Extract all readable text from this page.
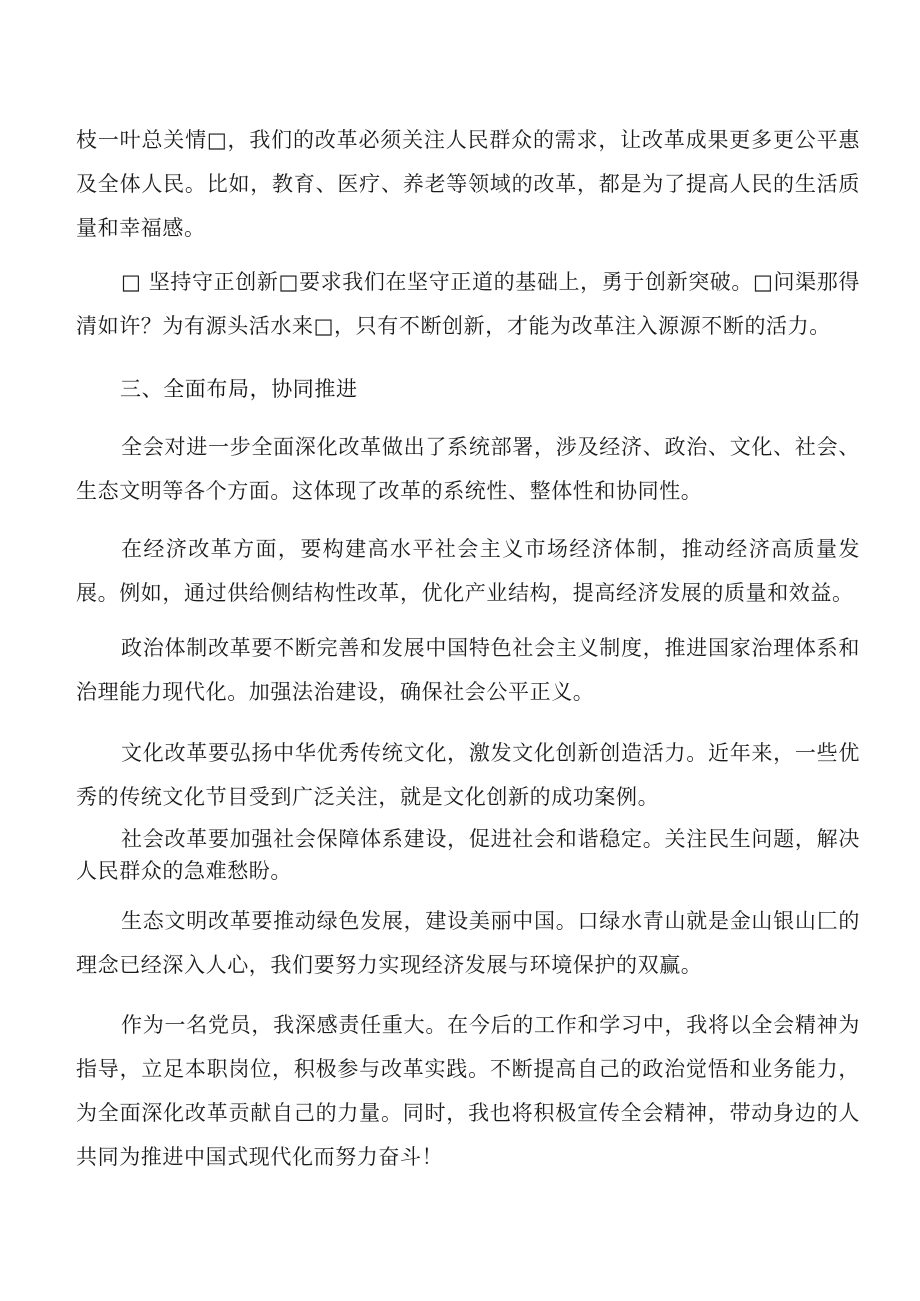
枝一叶总关情□，我们的改革必须关注人民群众的需求，让改革成果更多更公平惠及全体人民。比如，教育、医疗、养老等领域的改革，都是为了提高人民的生活质量和幸福感。

□ 坚持守正创新□要求我们在坚守正道的基础上，勇于创新突破。□问渠那得清如许？为有源头活水来□，只有不断创新，才能为改革注入源源不断的活力。

三、全面布局，协同推进

全会对进一步全面深化改革做出了系统部署，涉及经济、政治、文化、社会、生态文明等各个方面。这体现了改革的系统性、整体性和协同性。

在经济改革方面，要构建高水平社会主义市场经济体制，推动经济高质量发展。例如，通过供给侧结构性改革，优化产业结构，提高经济发展的质量和效益。

政治体制改革要不断完善和发展中国特色社会主义制度，推进国家治理体系和治理能力现代化。加强法治建设，确保社会公平正义。

文化改革要弘扬中华优秀传统文化，激发文化创新创造活力。近年来，一些优秀的传统文化节目受到广泛关注，就是文化创新的成功案例。

社会改革要加强社会保障体系建设，促进社会和谐稳定。关注民生问题，解决人民群众的急难愁盼。

生态文明改革要推动绿色发展，建设美丽中国。口绿水青山就是金山银山匚的理念已经深入人心，我们要努力实现经济发展与环境保护的双赢。

作为一名党员，我深感责任重大。在今后的工作和学习中，我将以全会精神为指导，立足本职岗位，积极参与改革实践。不断提高自己的政治觉悟和业务能力，为全面深化改革贡献自己的力量。同时，我也将积极宣传全会精神，带动身边的人共同为推进中国式现代化而努力奋斗！
